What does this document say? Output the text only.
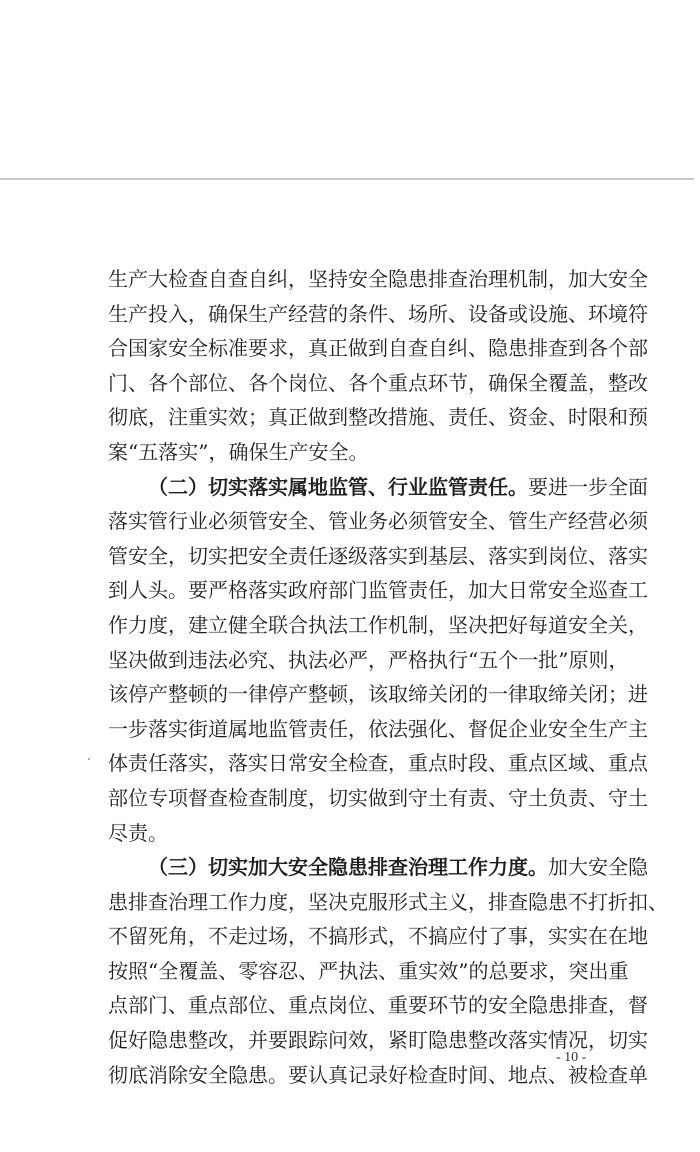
生产大检查自查自纠，坚持安全隐患排查治理机制，加大安全
生产投入，确保生产经营的条件、场所、设备或设施、环境符
合国家安全标准要求，真正做到自查自纠、隐患排查到各个部
门、各个部位、各个岗位、各个重点环节，确保全覆盖，整改
彻底，注重实效；真正做到整改措施、责任、资金、时限和预
案“五落实”，确保生产安全。
（二）切实落实属地监管、行业监管责任。要进一步全面
落实管行业必须管安全、管业务必须管安全、管生产经营必须
管安全，切实把安全责任逐级落实到基层、落实到岗位、落实
到人头。要严格落实政府部门监管责任，加大日常安全巡查工
作力度，建立健全联合执法工作机制，坚决把好每道安全关，
坚决做到违法必究、执法必严，严格执行“五个一批”原则，
该停产整顿的一律停产整顿，该取缔关闭的一律取缔关闭；进
一步落实街道属地监管责任，依法强化、督促企业安全生产主
体责任落实，落实日常安全检查，重点时段、重点区域、重点
部位专项督查检查制度，切实做到守土有责、守土负责、守土
尽责。
（三）切实加大安全隐患排查治理工作力度。加大安全隐
患排查治理工作力度，坚决克服形式主义，排查隐患不打折扣、
不留死角，不走过场，不搞形式，不搞应付了事，实实在在地
按照“全覆盖、零容忍、严执法、重实效”的总要求，突出重
点部门、重点部位、重点岗位、重要环节的安全隐患排查，督
促好隐患整改，并要跟踪问效，紧盯隐患整改落实情况，切实
彻底消除安全隐患。要认真记录好检查时间、地点、被检查单
- 10 -
